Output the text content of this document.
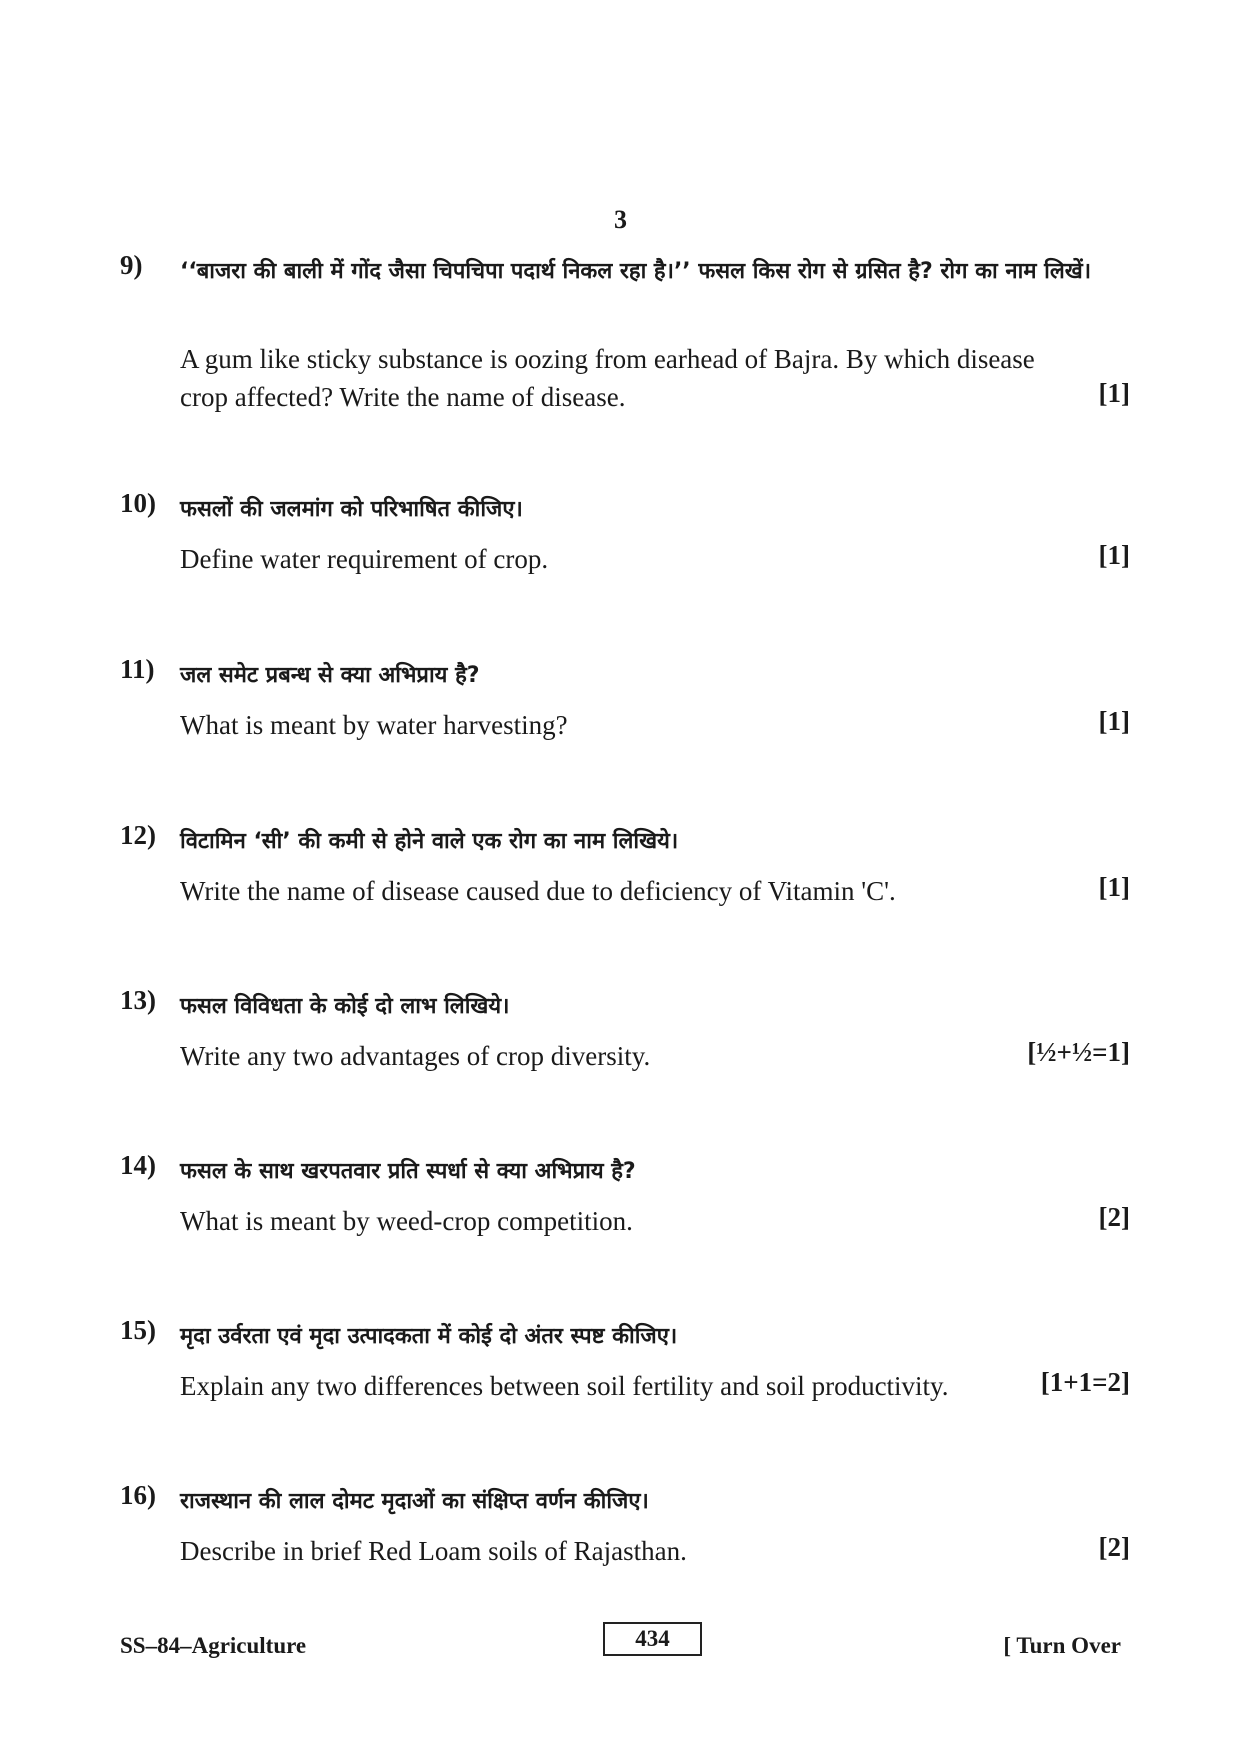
3
9) ‘‘बाजरा की बाली में गोंद जैसा चिपचिपा पदार्थ निकल रहा है।’’ फसल किस रोग से ग्रसित है? रोग का नाम लिखें।
A gum like sticky substance is oozing from earhead of Bajra. By which disease crop affected? Write the name of disease.	[1]
10) फसलों की जलमांग को परिभाषित कीजिए।
Define water requirement of crop.	[1]
11) जल समेट प्रबन्ध से क्या अभिप्राय है?
What is meant by water harvesting?	[1]
12) विटामिन ‘सी’ की कमी से होने वाले एक रोग का नाम लिखिये।
Write the name of disease caused due to deficiency of Vitamin 'C'.	[1]
13) फसल विविधता के कोई दो लाभ लिखिये।
Write any two advantages of crop diversity.	[½+½=1]
14) फसल के साथ खरपतवार प्रति स्पर्धा से क्या अभिप्राय है?
What is meant by weed-crop competition.	[2]
15) मृदा उर्वरता एवं मृदा उत्पादकता में कोई दो अंतर स्पष्ट कीजिए।
Explain any two differences between soil fertility and soil productivity.	[1+1=2]
16) राजस्थान की लाल दोमट मृदाओं का संक्षिप्त वर्णन कीजिए।
Describe in brief Red Loam soils of Rajasthan.	[2]
SS–84–Agriculture	434	[ Turn Over
